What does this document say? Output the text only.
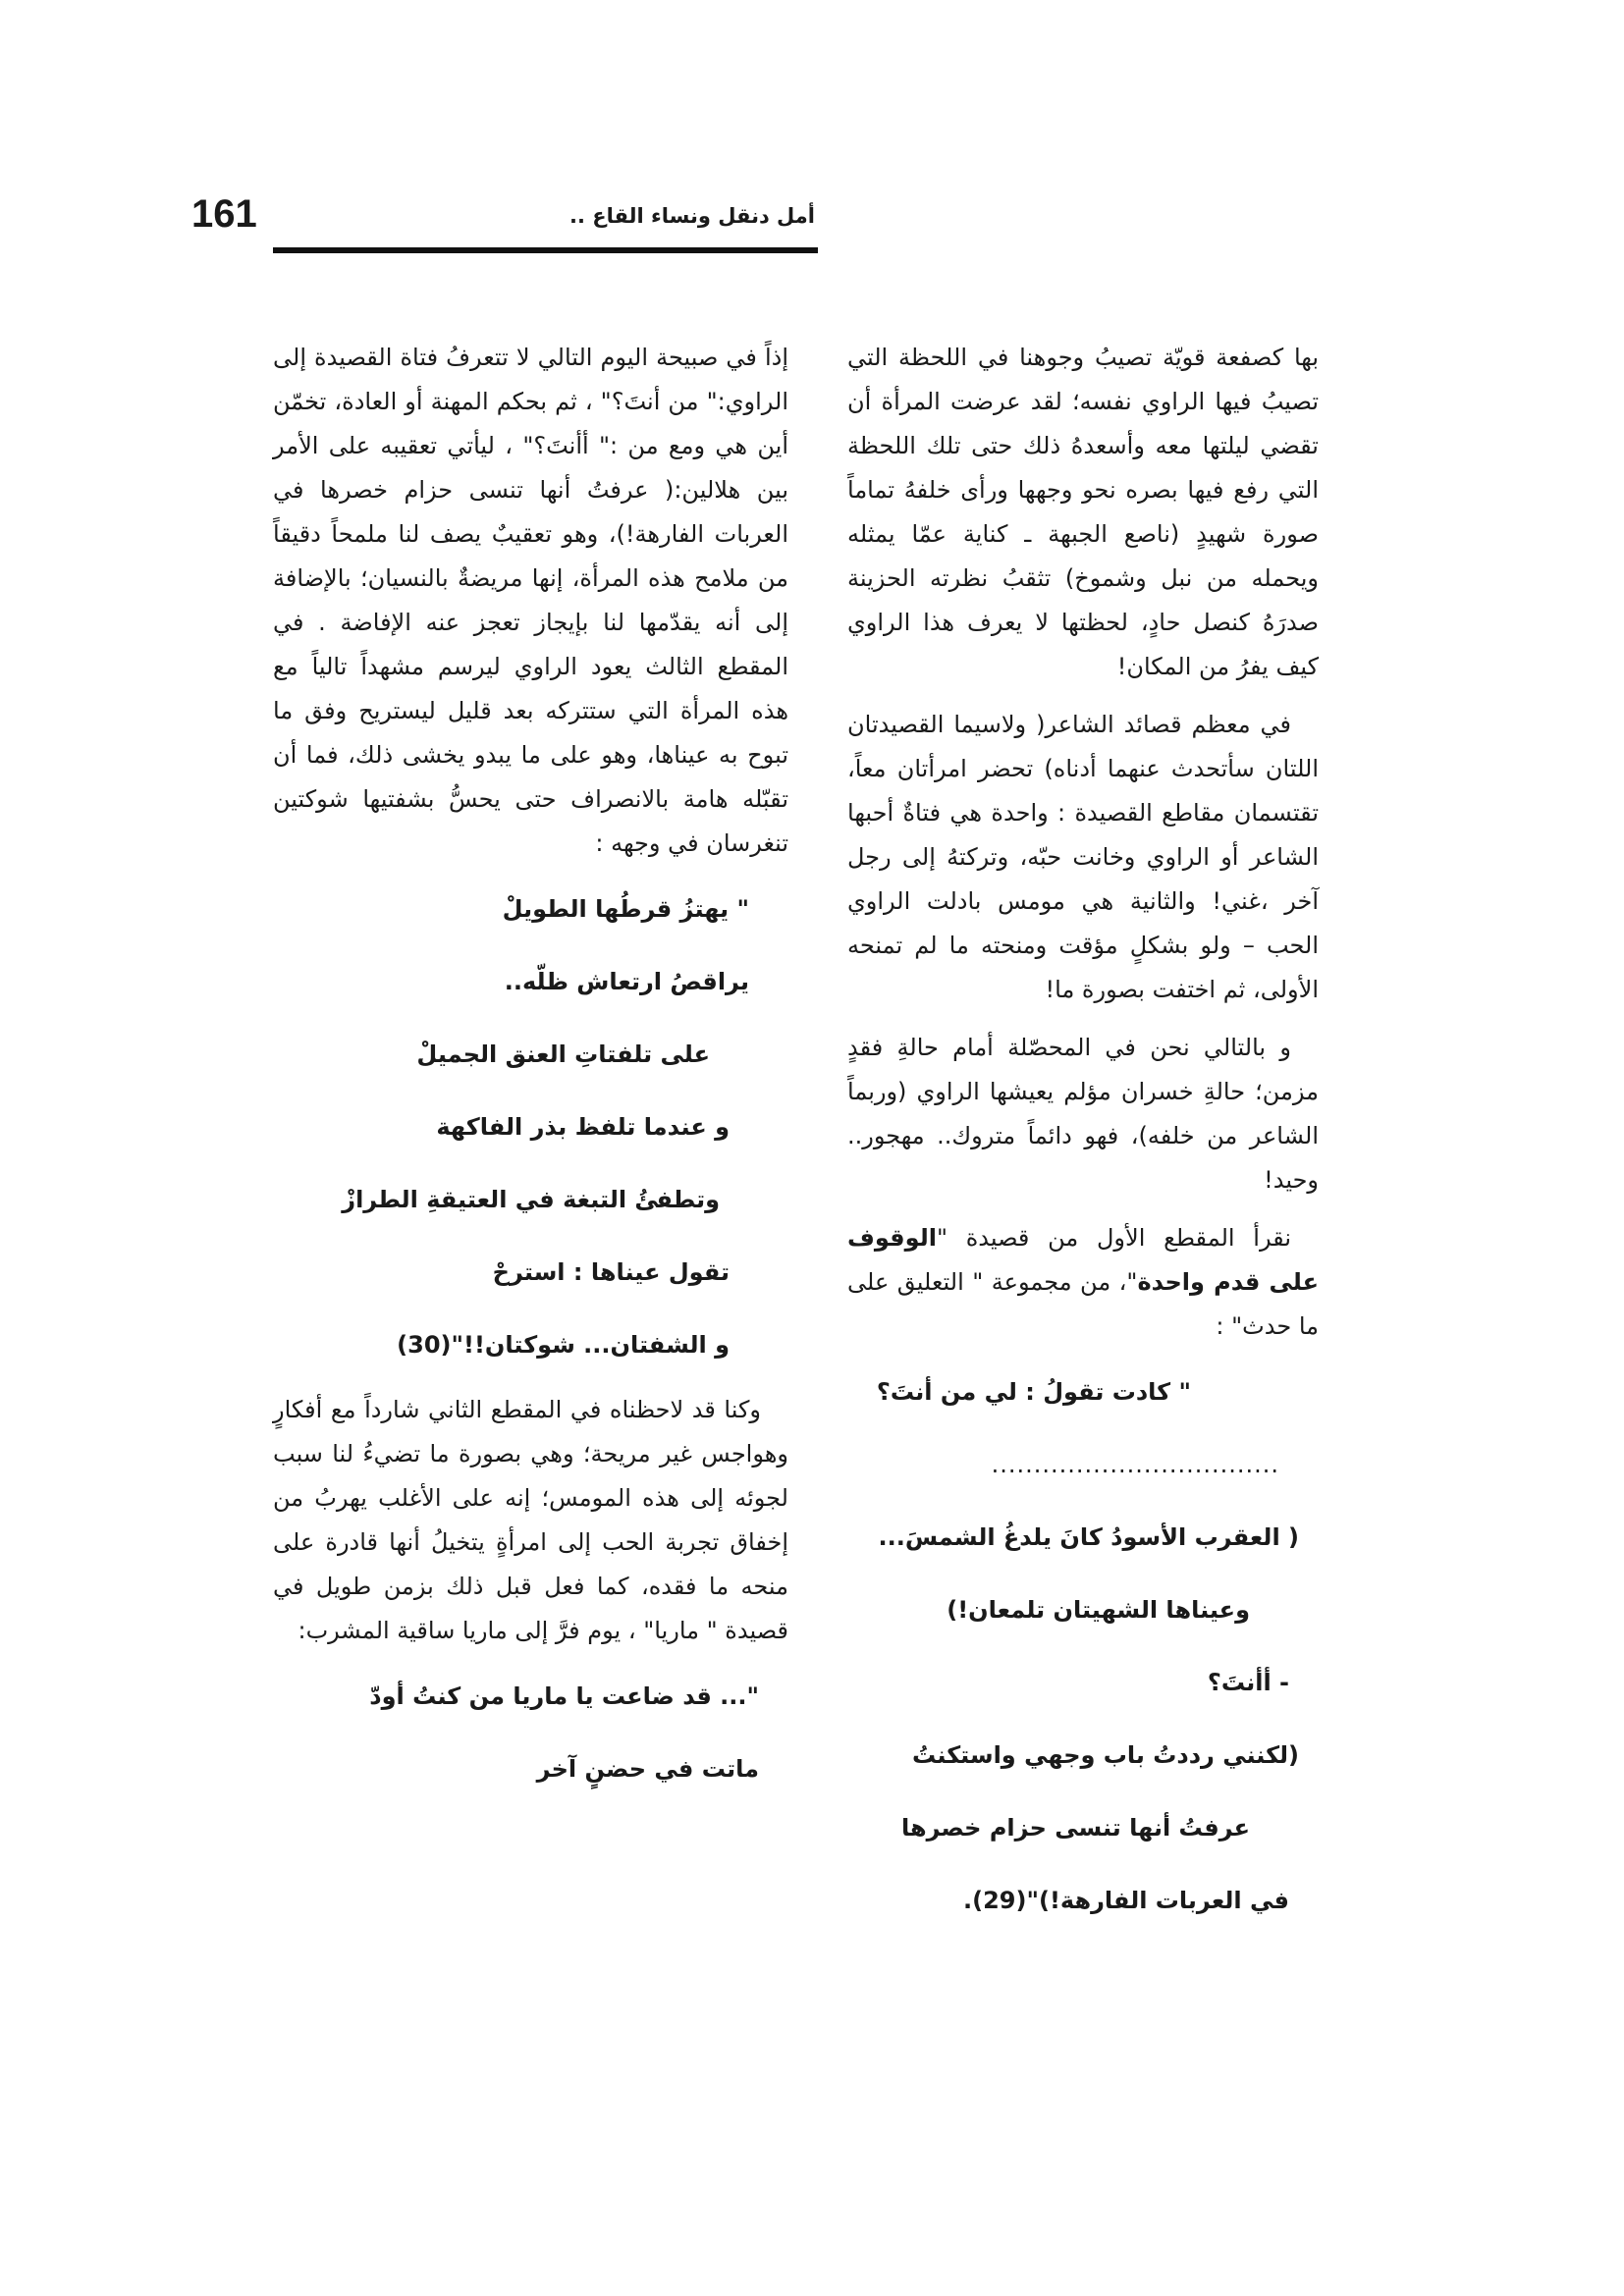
161	أمل دنقل ونساء القاع ..

بها كصفعة قويّة تصيبُ وجوهنا في اللحظة التي تصيبُ فيها الراوي نفسه؛ لقد عرضت المرأة أن تقضي ليلتها معه وأسعدهُ ذلك حتى تلك اللحظة التي رفع فيها بصره نحو وجهها ورأى خلفهُ تماماً صورة شهيدٍ (ناصع الجبهة ـ كناية عمّا يمثله ويحمله من نبل وشموخ) تثقبُ نظرته الحزينة صدرَهُ كنصل حادٍ، لحظتها لا يعرف هذا الراوي كيف يفرُ من المكان!

في معظم قصائد الشاعر( ولاسيما القصيدتان اللتان سأتحدث عنهما أدناه) تحضر امرأتان معاً، تقتسمان مقاطع القصيدة : واحدة هي فتاةٌ أحبها الشاعر أو الراوي وخانت حبّه، وتركتهُ إلى رجل آخر ،غني! والثانية هي مومس بادلت الراوي الحب – ولو بشكلٍ مؤقت ومنحته ما لم تمنحه الأولى، ثم اختفت بصورة ما!

و بالتالي نحن في المحصّلة أمام حالةِ فقدٍ مزمن؛ حالةِ خسران مؤلم يعيشها الراوي (وربماً الشاعر من خلفه)، فهو دائماً متروك.. مهجور.. وحيد!

نقرأ المقطع الأول من قصيدة "الوقوف على قدم واحدة"، من مجموعة " التعليق على ما حدث" :

" كادت تقولُ : لي من أنتَ؟

..................................

( العقرب الأسودُ كانَ يلدغُ الشمسَ...

وعيناها الشهيتان تلمعان!)

- أأنتَ؟

(لكنني رددتُ باب وجهي واستكنتُ

عرفتُ أنها تنسى حزام خصرها

في العربات الفارهة!)"(29).

إذاً في صبيحة اليوم التالي لا تتعرفُ فتاة القصيدة إلى الراوي:" من أنتَ؟" ، ثم بحكم المهنة أو العادة، تخمّن أين هي ومع من :" أأنتَ؟" ، ليأتي تعقيبه على الأمر بين هلالين:( عرفتُ أنها تنسى حزام خصرها في العربات الفارهة!)، وهو تعقيبٌ يصف لنا ملمحاً دقيقاً من ملامح هذه المرأة، إنها مريضةٌ بالنسيان؛ بالإضافة إلى أنه يقدّمها لنا بإيجاز تعجز عنه الإفاضة . في المقطع الثالث يعود الراوي ليرسم مشهداً تالياً مع هذه المرأة التي ستتركه بعد قليل ليستريح وفق ما تبوح به عيناها، وهو على ما يبدو يخشى ذلك، فما أن تقبّله هامة بالانصراف حتى يحسُّ بشفتيها شوكتين تنغرسان في وجهه :

" يهتزُ قرطُها الطويلْ

يراقصُ ارتعاش ظلّه..

على تلفتاتِ العنق الجميلْ

و عندما تلفظ بذر الفاكهة

وتطفئُ التبغة في العتيقةِ الطرازْ

تقول عيناها : استرحْ

و الشفتان... شوكتان!!"(30)

وكنا قد لاحظناه في المقطع الثاني شارداً مع أفكارٍ وهواجس غير مريحة؛ وهي بصورة ما تضيءُ لنا سبب لجوئه إلى هذه المومس؛ إنه على الأغلب يهربُ من إخفاق تجربة الحب إلى امرأةٍ يتخيلُ أنها قادرة على منحه ما فقده، كما فعل قبل ذلك بزمن طويل في قصيدة " ماريا" ، يوم فرَّ إلى ماريا ساقية المشرب:

"... قد ضاعت يا ماريا من كنتُ أودّ

ماتت في حضنٍ آخر
